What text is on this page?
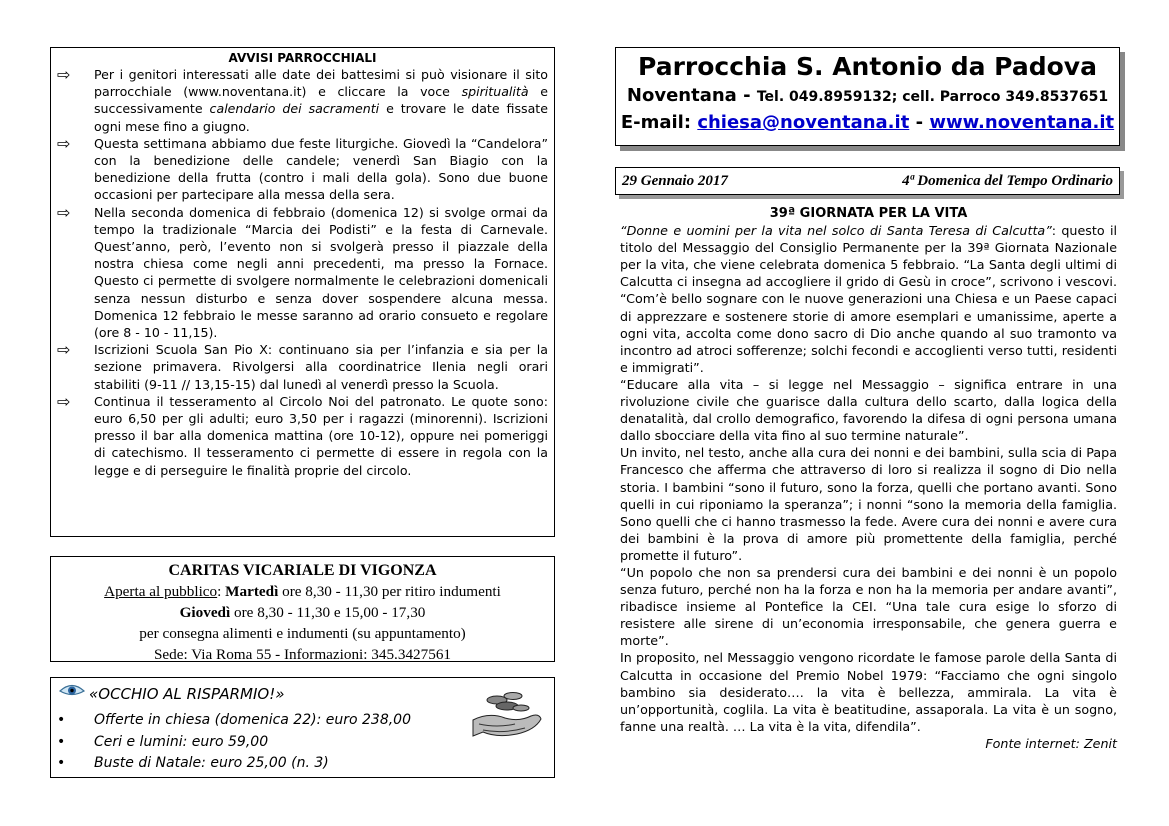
AVVISI PARROCCHIALI
⇨	Per i genitori interessati alle date dei battesimi si può visionare il sito parrocchiale (www.noventana.it) e cliccare la voce spiritualità e successivamente calendario dei sacramenti e trovare le date fissate ogni mese fino a giugno.
⇨	Questa settimana abbiamo due feste liturgiche. Giovedì la “Candelora” con la benedizione delle candele; venerdì San Biagio con la benedizione della frutta (contro i mali della gola). Sono due buone occasioni per partecipare alla messa della sera.
⇨	Nella seconda domenica di febbraio (domenica 12) si svolge ormai da tempo la tradizionale “Marcia dei Podisti” e la festa di Carnevale. Quest’anno, però, l’evento non si svolgerà presso il piazzale della nostra chiesa come negli anni precedenti, ma presso la Fornace. Questo ci permette di svolgere normalmente le celebrazioni domenicali senza nessun disturbo e senza dover sospendere alcuna messa. Domenica 12 febbraio le messe saranno ad orario consueto e regolare (ore 8 - 10 - 11,15).
⇨	Iscrizioni Scuola San Pio X: continuano sia per l’infanzia e sia per la sezione primavera. Rivolgersi alla coordinatrice Ilenia negli orari stabiliti (9-11 // 13,15-15) dal lunedì al venerdì presso la Scuola.
⇨	Continua il tesseramento al Circolo Noi del patronato. Le quote sono: euro 6,50 per gli adulti; euro 3,50 per i ragazzi (minorenni). Iscrizioni presso il bar alla domenica mattina (ore 10-12), oppure nei pomeriggi di catechismo. Il tesseramento ci permette di essere in regola con la legge e di perseguire le finalità proprie del circolo.
CARITAS VICARIALE DI VIGONZA
Aperta al pubblico: Martedì ore 8,30 - 11,30 per ritiro indumenti
Giovedì ore 8,30 - 11,30 e 15,00 - 17,30
per consegna alimenti e indumenti (su appuntamento)
Sede: Via Roma 55 - Informazioni: 345.3427561
«OCCHIO AL RISPARMIO!»
• Offerte in chiesa (domenica 22): euro 238,00
• Ceri e lumini: euro 59,00
• Buste di Natale: euro 25,00 (n. 3)
Parrocchia S. Antonio da Padova
Noventana - Tel. 049.8959132; cell. Parroco 349.8537651
E-mail: chiesa@noventana.it - www.noventana.it
29 Gennaio 2017	4ª Domenica del Tempo Ordinario
39ª GIORNATA PER LA VITA

“Donne e uomini per la vita nel solco di Santa Teresa di Calcutta”: questo il titolo del Messaggio del Consiglio Permanente per la 39ª Giornata Nazionale per la vita, che viene celebrata domenica 5 febbraio. “La Santa degli ultimi di Calcutta ci insegna ad accogliere il grido di Gesù in croce”, scrivono i vescovi. “Com’è bello sognare con le nuove generazioni una Chiesa e un Paese capaci di apprezzare e sostenere storie di amore esemplari e umanissime, aperte a ogni vita, accolta come dono sacro di Dio anche quando al suo tramonto va incontro ad atroci sofferenze; solchi fecondi e accoglienti verso tutti, residenti e immigrati”.

“Educare alla vita – si legge nel Messaggio – significa entrare in una rivoluzione civile che guarisce dalla cultura dello scarto, dalla logica della denatalità, dal crollo demografico, favorendo la difesa di ogni persona umana dallo sbocciare della vita fino al suo termine naturale”.

Un invito, nel testo, anche alla cura dei nonni e dei bambini, sulla scia di Papa Francesco che afferma che attraverso di loro si realizza il sogno di Dio nella storia. I bambini “sono il futuro, sono la forza, quelli che portano avanti. Sono quelli in cui riponiamo la speranza”; i nonni “sono la memoria della famiglia. Sono quelli che ci hanno trasmesso la fede. Avere cura dei nonni e avere cura dei bambini è la prova di amore più promettente della famiglia, perché promette il futuro”.

“Un popolo che non sa prendersi cura dei bambini e dei nonni è un popolo senza futuro, perché non ha la forza e non ha la memoria per andare avanti”, ribadisce insieme al Pontefice la CEI. “Una tale cura esige lo sforzo di resistere alle sirene di un’economia irresponsabile, che genera guerra e morte”.

In proposito, nel Messaggio vengono ricordate le famose parole della Santa di Calcutta in occasione del Premio Nobel 1979: “Facciamo che ogni singolo bambino sia desiderato…. la vita è bellezza, ammirala. La vita è un’opportunità, coglila. La vita è beatitudine, assaporala. La vita è un sogno, fanne una realtà. … La vita è la vita, difendila”.

Fonte internet: Zenit
